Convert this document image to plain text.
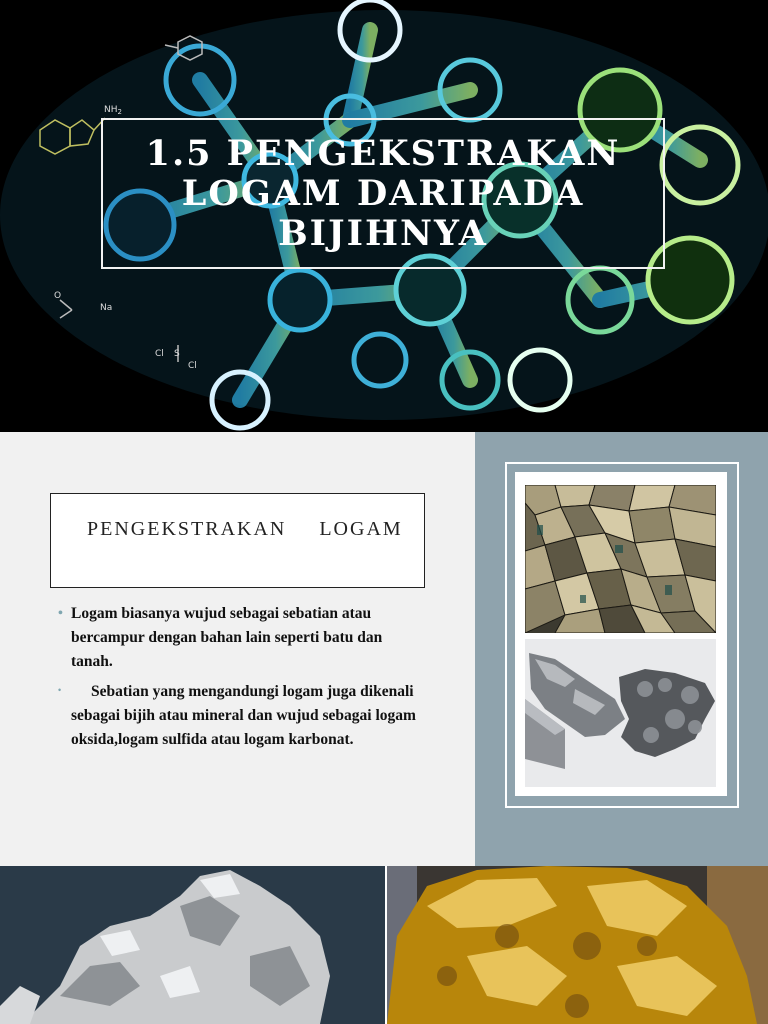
$NH_2$
Na
Cl
Cl
S
O
1.5 PENGEKSTRAKAN
LOGAM DARIPADA
BIJIHNYA
PENGEKSTRAKAN LOGAM
• Logam biasanya wujud sebagai sebatian atau bercampur dengan bahan lain seperti batu dan tanah.
• Sebatian yang mengandungi logam juga dikenali sebagai bijih atau mineral dan wujud sebagai logam oksida,logam sulfida atau logam karbonat.
